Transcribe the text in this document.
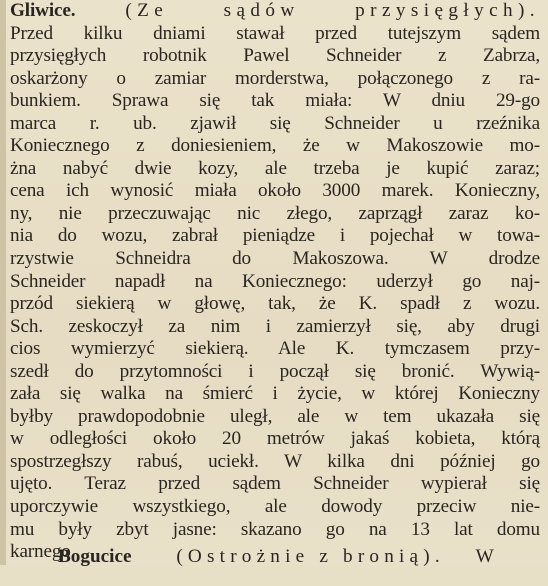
Gliwice.	(Ze sądów przysięgłych).
Przed kilku dniami stawał przed tutejszym sądem
przysięgłych robotnik Pawel Schneider z Zabrza,
oskarżony o zamiar morderstwa, połączonego z ra-
bunkiem. Sprawa się tak miała: W dniu 29-go
marca r. ub. zjawił się Schneider u rzeźnika
Koniecznego z doniesieniem, że w Makoszowie mo-
żna nabyć dwie kozy, ale trzeba je kupić zaraz;
cena ich wynosić miała około 3000 marek. Konieczny,
ny, nie przeczuwając nic złego, zaprzągł zaraz ko-
nia do wozu, zabrał pieniądze i pojechał w towa-
rzystwie Schneidra do Makoszowa. W drodze
Schneider napadł na Koniecznego: uderzył go naj-
przód siekierą w głowę, tak, że K. spadł z wozu.
Sch. zeskoczył za nim i zamierzył się, aby drugi
cios wymierzyć siekierą. Ale K. tymczasem przy-
szedł do przytomności i począł się bronić. Wywią-
zała się walka na śmierć i życie, w której Konieczny
byłby prawdopodobnie uległ, ale w tem ukazała się
w odległości około 20 metrów jakaś kobieta, którą
spostrzegłszy rabuś, uciekł. W kilka dni później go
ujęto. Teraz przed sądem Schneider wypierał się
uporczywie wszystkiego, ale dowody przeciw nie-
mu były zbyt jasne: skazano go na 13 lat domu
karnego.
Bogucice (Ostrożnie z bronią). W
